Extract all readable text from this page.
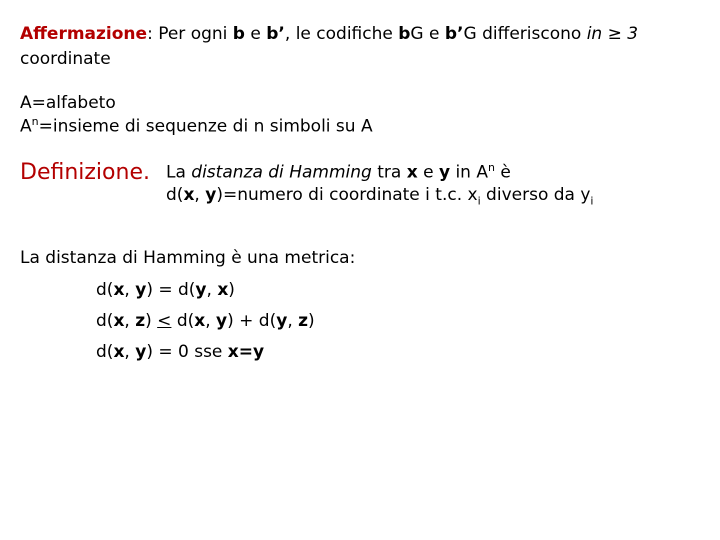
Affermazione: Per ogni b e b’, le codifiche bG e b’G differiscono in ≥ 3
coordinate
A=alfabeto
$A^n=insieme$ di sequenze di n simboli su A
Definizione. La distanza di Hamming tra x e y in $A^n$ è
d(x, y)=numero di coordinate i t.c. $x_i$ diverso da $y_i$
La distanza di Hamming è una metrica:
d(x, y) = d(y, x)
d(x, z) < d(x, y) + d(y, z)
d(x, y) = 0 sse x=y
